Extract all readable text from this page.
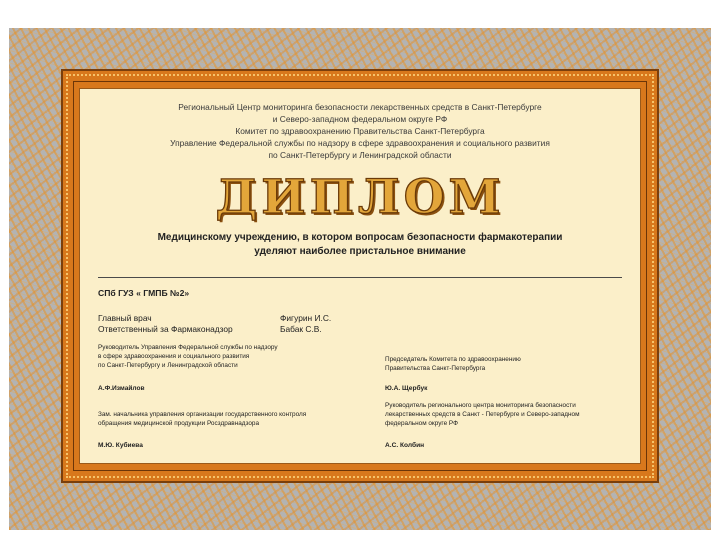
Региональный Центр мониторинга безопасности лекарственных средств в Санкт-Петербурге
и Северо-западном федеральном округе РФ
Комитет по здравоохранению Правительства Санкт-Петербурга
Управление Федеральной службы по надзору в сфере здравоохранения и социального развития
по Санкт-Петербургу и Ленинградской области
ДИПЛОМ
Медицинскому учреждению, в котором вопросам безопасности фармакотерапии
уделяют наиболее пристальное внимание
СПб ГУЗ « ГМПБ №2»
Главный врач	Фигурин И.С.
Ответственный за Фармаконадзор	Бабак С.В.
Руководитель Управления Федеральной службы по надзору
в сфере здравоохранения и социального развития
по Санкт-Петербургу и Ленинградской области
А.Ф.Измайлов
Председатель Комитета по здравоохранению
Правительства Санкт-Петербурга
Ю.А. Щербук
Зам. начальника управления организации государственного контроля
обращения медицинской продукции Росздравнадзора
М.Ю. Кубиева
Руководитель регионального центра мониторинга безопасности
лекарственных средств в Санкт - Петербурге и Северо-западном
федеральном округе РФ
А.С. Колбин
